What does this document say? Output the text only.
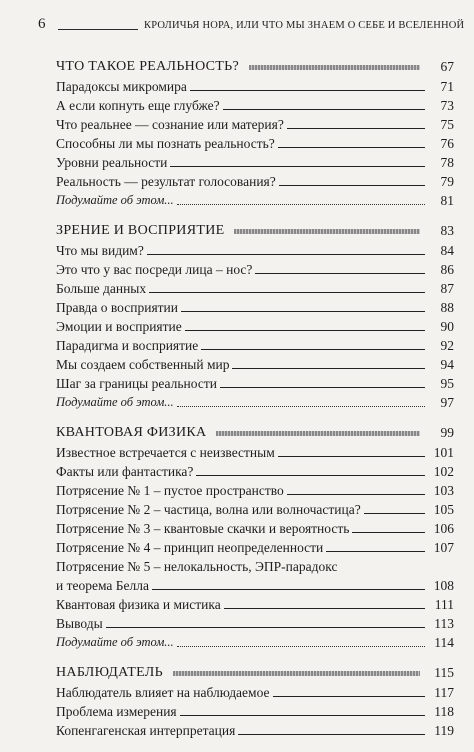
6	КРОЛИЧЬЯ НОРА, ИЛИ ЧТО МЫ ЗНАЕМ О СЕБЕ И ВСЕЛЕННОЙ
ЧТО ТАКОЕ РЕАЛЬНОСТЬ?	67
Парадоксы микромира	71
А если копнуть еще глубже?	73
Что реальнее — сознание или материя?	75
Способны ли мы познать реальность?	76
Уровни реальности	78
Реальность — результат голосования?	79
Подумайте об этом...	81
ЗРЕНИЕ И ВОСПРИЯТИЕ	83
Что мы видим?	84
Это что у вас посреди лица – нос?	86
Больше данных	87
Правда о восприятии	88
Эмоции и восприятие	90
Парадигма и восприятие	92
Мы создаем собственный мир	94
Шаг за границы реальности	95
Подумайте об этом...	97
КВАНТОВАЯ ФИЗИКА	99
Известное встречается с неизвестным	101
Факты или фантастика?	102
Потрясение № 1 – пустое пространство	103
Потрясение № 2 – частица, волна или волночастица?	105
Потрясение № 3 – квантовые скачки и вероятность	106
Потрясение № 4 – принцип неопределенности	107
Потрясение № 5 – нелокальность, ЭПР-парадокс
и теорема Белла	108
Квантовая физика и мистика	111
Выводы	113
Подумайте об этом...	114
НАБЛЮДАТЕЛЬ	115
Наблюдатель влияет на наблюдаемое	117
Проблема измерения	118
Копенгагенская интерпретация	119
